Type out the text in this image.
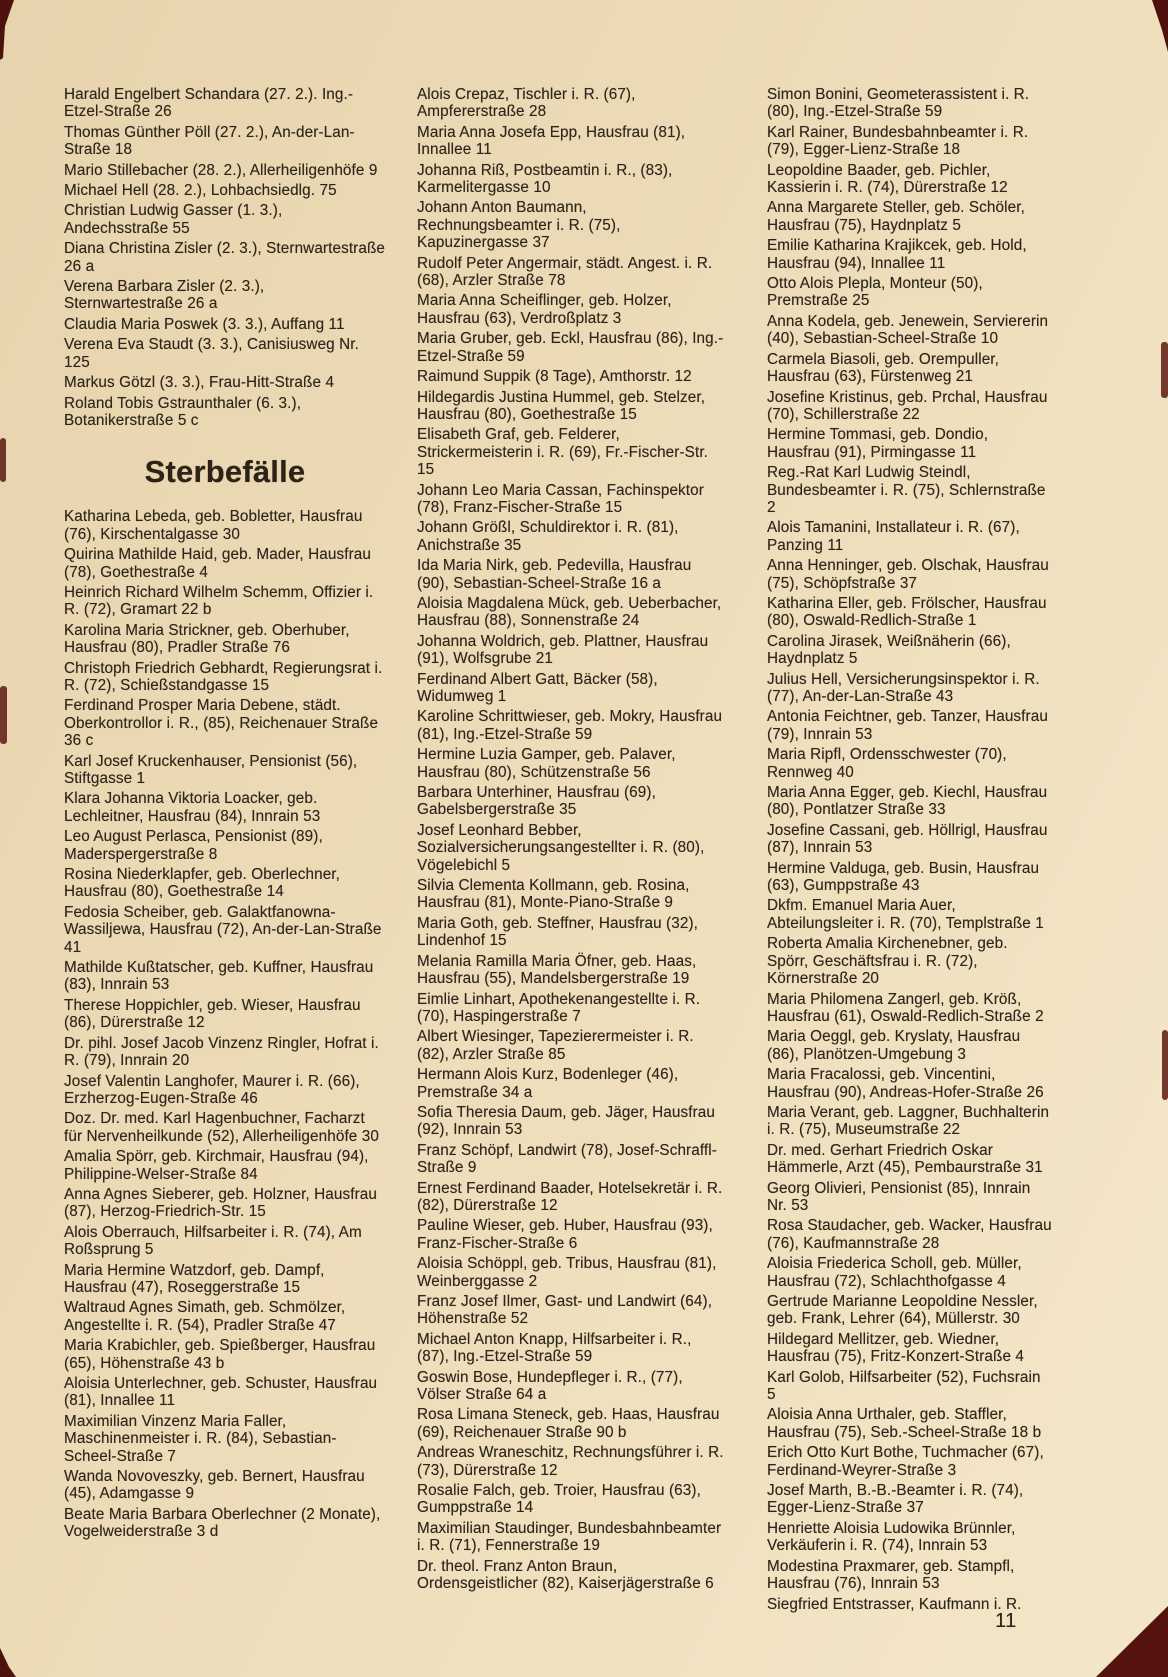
Harald Engelbert Schandara (27. 2.). Ing.-Etzel-Straße 26

Thomas Günther Pöll (27. 2.), An-der-Lan-Straße 18

Mario Stillebacher (28. 2.), Allerheiligenhöfe 9

Michael Hell (28. 2.), Lohbachsiedlg. 75

Christian Ludwig Gasser (1. 3.), Andechsstraße 55

Diana Christina Zisler (2. 3.), Sternwartestraße 26 a

Verena Barbara Zisler (2. 3.), Sternwartestraße 26 a

Claudia Maria Poswek (3. 3.), Auffang 11

Verena Eva Staudt (3. 3.), Canisiusweg Nr. 125

Markus Götzl (3. 3.), Frau-Hitt-Straße 4

Roland Tobis Gstraunthaler (6. 3.), Botanikerstraße 5 c

Sterbefälle

Katharina Lebeda, geb. Bobletter, Hausfrau (76), Kirschentalgasse 30

Quirina Mathilde Haid, geb. Mader, Hausfrau (78), Goethestraße 4

Heinrich Richard Wilhelm Schemm, Offizier i. R. (72), Gramart 22 b

Karolina Maria Strickner, geb. Oberhuber, Hausfrau (80), Pradler Straße 76

Christoph Friedrich Gebhardt, Regierungsrat i. R. (72), Schießstandgasse 15

Ferdinand Prosper Maria Debene, städt. Oberkontrollor i. R., (85), Reichenauer Straße 36 c

Karl Josef Kruckenhauser, Pensionist (56), Stiftgasse 1

Klara Johanna Viktoria Loacker, geb. Lechleitner, Hausfrau (84), Innrain 53

Leo August Perlasca, Pensionist (89), Maderspergerstraße 8

Rosina Niederklapfer, geb. Oberlechner, Hausfrau (80), Goethestraße 14

Fedosia Scheiber, geb. Galaktfanowna-Wassiljewa, Hausfrau (72), An-der-Lan-Straße 41

Mathilde Kußtatscher, geb. Kuffner, Hausfrau (83), Innrain 53

Therese Hoppichler, geb. Wieser, Hausfrau (86), Dürerstraße 12

Dr. pihl. Josef Jacob Vinzenz Ringler, Hofrat i. R. (79), Innrain 20

Josef Valentin Langhofer, Maurer i. R. (66), Erzherzog-Eugen-Straße 46

Doz. Dr. med. Karl Hagenbuchner, Facharzt für Nervenheilkunde (52), Allerheiligenhöfe 30

Amalia Spörr, geb. Kirchmair, Hausfrau (94), Philippine-Welser-Straße 84

Anna Agnes Sieberer, geb. Holzner, Hausfrau (87), Herzog-Friedrich-Str. 15

Alois Oberrauch, Hilfsarbeiter i. R. (74), Am Roßsprung 5

Maria Hermine Watzdorf, geb. Dampf, Hausfrau (47), Roseggerstraße 15

Waltraud Agnes Simath, geb. Schmölzer, Angestellte i. R. (54), Pradler Straße 47

Maria Krabichler, geb. Spießberger, Hausfrau (65), Höhenstraße 43 b

Aloisia Unterlechner, geb. Schuster, Hausfrau (81), Innallee 11

Maximilian Vinzenz Maria Faller, Maschinenmeister i. R. (84), Sebastian-Scheel-Straße 7

Wanda Novoveszky, geb. Bernert, Hausfrau (45), Adamgasse 9

Beate Maria Barbara Oberlechner (2 Monate), Vogelweiderstraße 3 d

Alois Crepaz, Tischler i. R. (67), Ampfererstraße 28

Maria Anna Josefa Epp, Hausfrau (81), Innallee 11

Johanna Riß, Postbeamtin i. R., (83), Karmelitergasse 10

Johann Anton Baumann, Rechnungsbeamter i. R. (75), Kapuzinergasse 37

Rudolf Peter Angermair, städt. Angest. i. R. (68), Arzler Straße 78

Maria Anna Scheiflinger, geb. Holzer, Hausfrau (63), Verdroßplatz 3

Maria Gruber, geb. Eckl, Hausfrau (86), Ing.-Etzel-Straße 59

Raimund Suppik (8 Tage), Amthorstr. 12

Hildegardis Justina Hummel, geb. Stelzer, Hausfrau (80), Goethestraße 15

Elisabeth Graf, geb. Felderer, Strickermeisterin i. R. (69), Fr.-Fischer-Str. 15

Johann Leo Maria Cassan, Fachinspektor (78), Franz-Fischer-Straße 15

Johann Größl, Schuldirektor i. R. (81), Anichstraße 35

Ida Maria Nirk, geb. Pedevilla, Hausfrau (90), Sebastian-Scheel-Straße 16 a

Aloisia Magdalena Mück, geb. Ueberbacher, Hausfrau (88), Sonnenstraße 24

Johanna Woldrich, geb. Plattner, Hausfrau (91), Wolfsgrube 21

Ferdinand Albert Gatt, Bäcker (58), Widumweg 1

Karoline Schrittwieser, geb. Mokry, Hausfrau (81), Ing.-Etzel-Straße 59

Hermine Luzia Gamper, geb. Palaver, Hausfrau (80), Schützenstraße 56

Barbara Unterhiner, Hausfrau (69), Gabelsbergerstraße 35

Josef Leonhard Bebber, Sozialversicherungsangestellter i. R. (80), Vögelebichl 5

Silvia Clementa Kollmann, geb. Rosina, Hausfrau (81), Monte-Piano-Straße 9

Maria Goth, geb. Steffner, Hausfrau (32), Lindenhof 15

Melania Ramilla Maria Öfner, geb. Haas, Hausfrau (55), Mandelsbergerstraße 19

Eimlie Linhart, Apothekenangestellte i. R. (70), Haspingerstraße 7

Albert Wiesinger, Tapezierermeister i. R. (82), Arzler Straße 85

Hermann Alois Kurz, Bodenleger (46), Premstraße 34 a

Sofia Theresia Daum, geb. Jäger, Hausfrau (92), Innrain 53

Franz Schöpf, Landwirt (78), Josef-Schraffl-Straße 9

Ernest Ferdinand Baader, Hotelsekretär i. R. (82), Dürerstraße 12

Pauline Wieser, geb. Huber, Hausfrau (93), Franz-Fischer-Straße 6

Aloisia Schöppl, geb. Tribus, Hausfrau (81), Weinberggasse 2

Franz Josef Ilmer, Gast- und Landwirt (64), Höhenstraße 52

Michael Anton Knapp, Hilfsarbeiter i. R., (87), Ing.-Etzel-Straße 59

Goswin Bose, Hundepfleger i. R., (77), Völser Straße 64 a

Rosa Limana Steneck, geb. Haas, Hausfrau (69), Reichenauer Straße 90 b

Andreas Wraneschitz, Rechnungsführer i. R. (73), Dürerstraße 12

Rosalie Falch, geb. Troier, Hausfrau (63), Gumppstraße 14

Maximilian Staudinger, Bundesbahnbeamter i. R. (71), Fennerstraße 19

Dr. theol. Franz Anton Braun, Ordensgeistlicher (82), Kaiserjägerstraße 6

Simon Bonini, Geometerassistent i. R. (80), Ing.-Etzel-Straße 59

Karl Rainer, Bundesbahnbeamter i. R. (79), Egger-Lienz-Straße 18

Leopoldine Baader, geb. Pichler, Kassierin i. R. (74), Dürerstraße 12

Anna Margarete Steller, geb. Schöler, Hausfrau (75), Haydnplatz 5

Emilie Katharina Krajikcek, geb. Hold, Hausfrau (94), Innallee 11

Otto Alois Plepla, Monteur (50), Premstraße 25

Anna Kodela, geb. Jenewein, Serviererin (40), Sebastian-Scheel-Straße 10

Carmela Biasoli, geb. Orempuller, Hausfrau (63), Fürstenweg 21

Josefine Kristinus, geb. Prchal, Hausfrau (70), Schillerstraße 22

Hermine Tommasi, geb. Dondio, Hausfrau (91), Pirmingasse 11

Reg.-Rat Karl Ludwig Steindl, Bundesbeamter i. R. (75), Schlernstraße 2

Alois Tamanini, Installateur i. R. (67), Panzing 11

Anna Henninger, geb. Olschak, Hausfrau (75), Schöpfstraße 37

Katharina Eller, geb. Frölscher, Hausfrau (80), Oswald-Redlich-Straße 1

Carolina Jirasek, Weißnäherin (66), Haydnplatz 5

Julius Hell, Versicherungsinspektor i. R. (77), An-der-Lan-Straße 43

Antonia Feichtner, geb. Tanzer, Hausfrau (79), Innrain 53

Maria Ripfl, Ordensschwester (70), Rennweg 40

Maria Anna Egger, geb. Kiechl, Hausfrau (80), Pontlatzer Straße 33

Josefine Cassani, geb. Höllrigl, Hausfrau (87), Innrain 53

Hermine Valduga, geb. Busin, Hausfrau (63), Gumppstraße 43

Dkfm. Emanuel Maria Auer, Abteilungsleiter i. R. (70), Templstraße 1

Roberta Amalia Kirchenebner, geb. Spörr, Geschäftsfrau i. R. (72), Körnerstraße 20

Maria Philomena Zangerl, geb. Kröß, Hausfrau (61), Oswald-Redlich-Straße 2

Maria Oeggl, geb. Kryslaty, Hausfrau (86), Planötzen-Umgebung 3

Maria Fracalossi, geb. Vincentini, Hausfrau (90), Andreas-Hofer-Straße 26

Maria Verant, geb. Laggner, Buchhalterin i. R. (75), Museumstraße 22

Dr. med. Gerhart Friedrich Oskar Hämmerle, Arzt (45), Pembaurstraße 31

Georg Olivieri, Pensionist (85), Innrain Nr. 53

Rosa Staudacher, geb. Wacker, Hausfrau (76), Kaufmannstraße 28

Aloisia Friederica Scholl, geb. Müller, Hausfrau (72), Schlachthofgasse 4

Gertrude Marianne Leopoldine Nessler, geb. Frank, Lehrer (64), Müllerstr. 30

Hildegard Mellitzer, geb. Wiedner, Hausfrau (75), Fritz-Konzert-Straße 4

Karl Golob, Hilfsarbeiter (52), Fuchsrain 5

Aloisia Anna Urthaler, geb. Staffler, Hausfrau (75), Seb.-Scheel-Straße 18 b

Erich Otto Kurt Bothe, Tuchmacher (67), Ferdinand-Weyrer-Straße 3

Josef Marth, B.-B.-Beamter i. R. (74), Egger-Lienz-Straße 37

Henriette Aloisia Ludowika Brünnler, Verkäuferin i. R. (74), Innrain 53

Modestina Praxmarer, geb. Stampfl, Hausfrau (76), Innrain 53

Siegfried Entstrasser, Kaufmann i. R.

11
